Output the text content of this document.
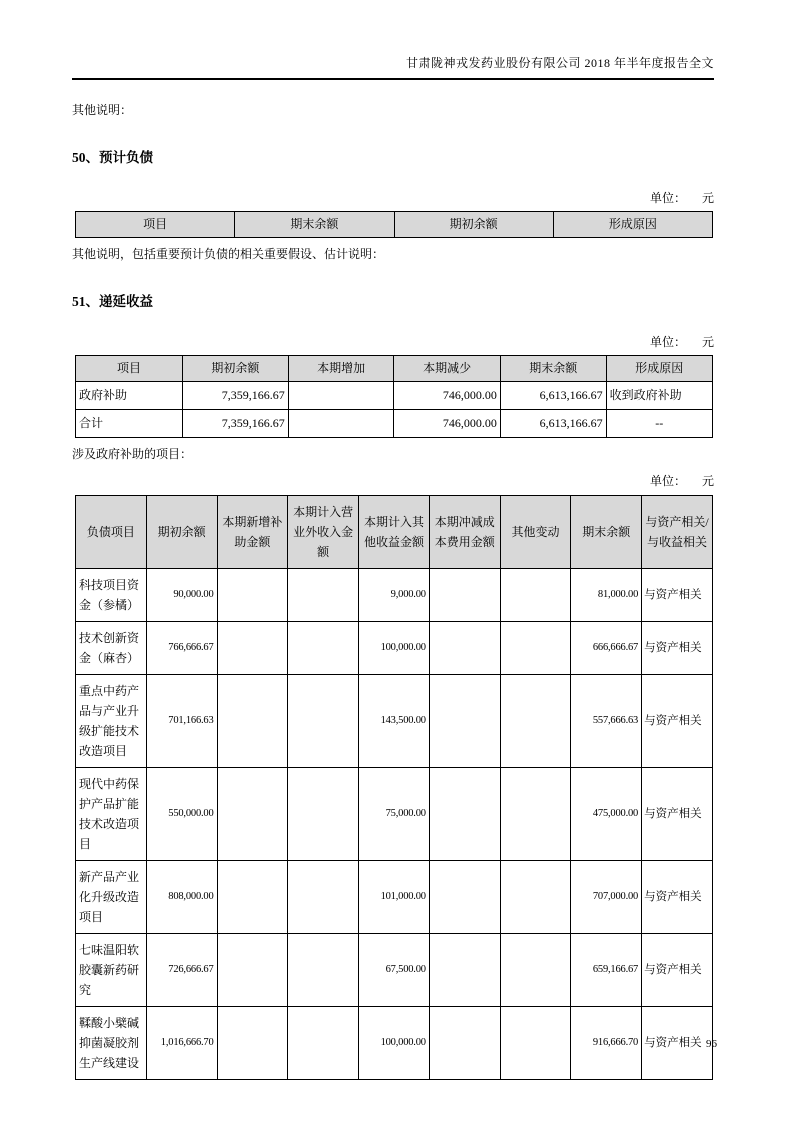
甘肃陇神戎发药业股份有限公司 2018 年半年度报告全文

其他说明：

50、预计负债
单位： 元
项目	期末余额	期初余额	形成原因

其他说明，包括重要预计负债的相关重要假设、估计说明：

51、递延收益
单位： 元
项目	期初余额	本期增加	本期减少	期末余额	形成原因
政府补助	7,359,166.67		746,000.00	6,613,166.67	收到政府补助
合计	7,359,166.67		746,000.00	6,613,166.67	--

涉及政府补助的项目：

单位： 元
负债项目	期初余额	本期新增补助金额	本期计入营业外收入金额	本期计入其他收益金额	本期冲减成本费用金额	其他变动	期末余额	与资产相关/与收益相关
科技项目资金（参橘）	90,000.00			9,000.00			81,000.00	与资产相关
技术创新资金（麻杏）	766,666.67			100,000.00			666,666.67	与资产相关
重点中药产品与产业升级扩能技术改造项目	701,166.63			143,500.00			557,666.63	与资产相关
现代中药保护产品扩能技术改造项目	550,000.00			75,000.00			475,000.00	与资产相关
新产品产业化升级改造项目	808,000.00			101,000.00			707,000.00	与资产相关
七味温阳软胶囊新药研究	726,666.67			67,500.00			659,166.67	与资产相关
鞣酸小檗碱抑菌凝胶剂生产线建设	1,016,666.70			100,000.00			916,666.70	与资产相关 96
